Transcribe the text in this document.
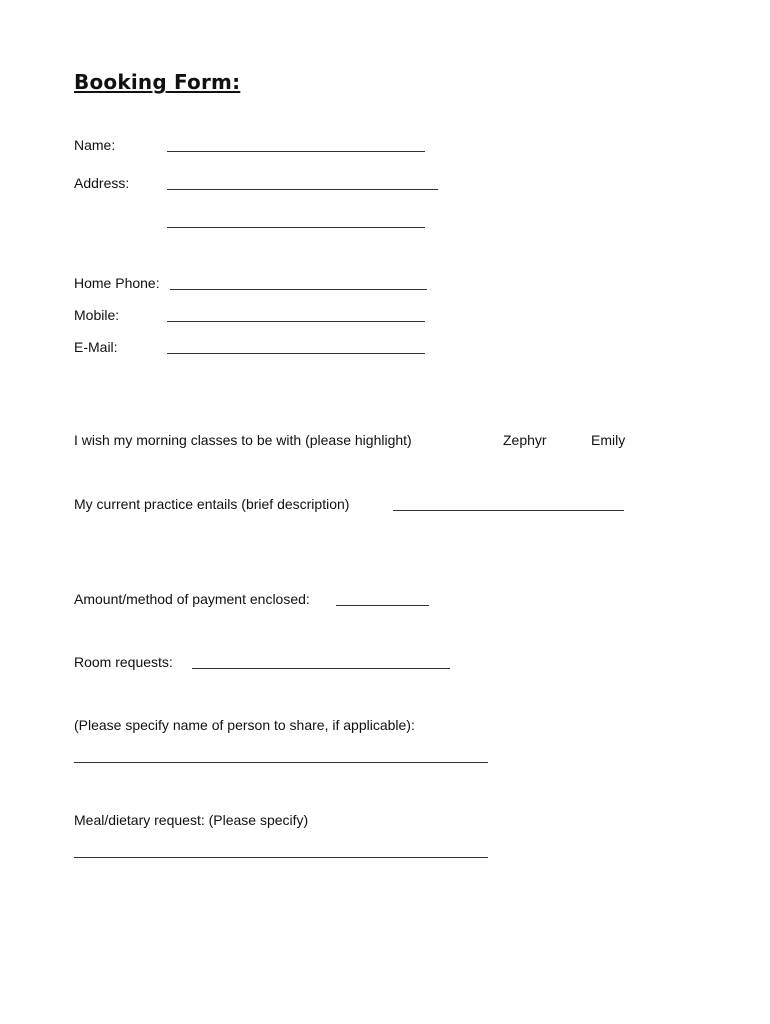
Booking Form:
Name:
Address:
Home Phone:
Mobile:
E-Mail:
I wish my morning classes to be with (please highlight)	Zephyr	Emily
My current practice entails (brief description)
Amount/method of payment enclosed:
Room requests:
(Please specify name of person to share, if applicable):
Meal/dietary request: (Please specify)
